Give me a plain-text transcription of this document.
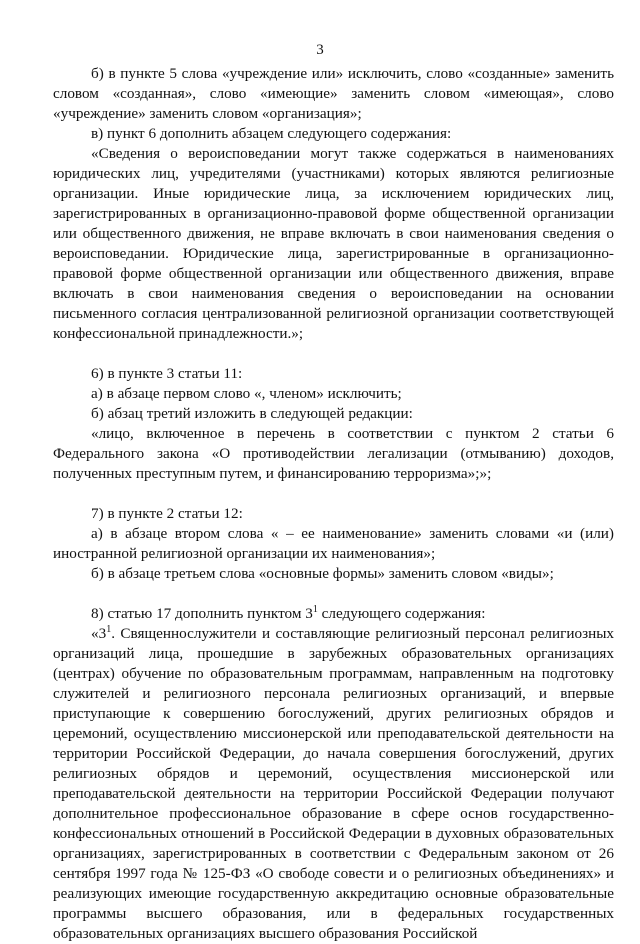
3

б) в пункте 5 слова «учреждение или» исключить, слово «созданные» заменить словом «созданная», слово «имеющие» заменить словом «имеющая», слово «учреждение» заменить словом «организация»;

в) пункт 6 дополнить абзацем следующего содержания:

«Сведения о вероисповедании могут также содержаться в наименованиях юридических лиц, учредителями (участниками) которых являются религиозные организации. Иные юридические лица, за исключением юридических лиц, зарегистрированных в организационно-правовой форме общественной организации или общественного движения, не вправе включать в свои наименования сведения о вероисповедании. Юридические лица, зарегистрированные в организационно-правовой форме общественной организации или общественного движения, вправе включать в свои наименования сведения о вероисповедании на основании письменного согласия централизованной религиозной организации соответствующей конфессиональной принадлежности.»;

6) в пункте 3 статьи 11:

а) в абзаце первом слово «, членом» исключить;

б) абзац третий изложить в следующей редакции:

«лицо, включенное в перечень в соответствии с пунктом 2 статьи 6 Федерального закона «О противодействии легализации (отмыванию) доходов, полученных преступным путем, и финансированию терроризма»;»;

7) в пункте 2 статьи 12:

а) в абзаце втором слова « – ее наименование» заменить словами «и (или) иностранной религиозной организации их наименования»;

б) в абзаце третьем слова «основные формы» заменить словом «виды»;

8) статью 17 дополнить пунктом $3^1$ следующего содержания:

«$3^1$. Священнослужители и составляющие религиозный персонал религиозных организаций лица, прошедшие в зарубежных образовательных организациях (центрах) обучение по образовательным программам, направленным на подготовку служителей и религиозного персонала религиозных организаций, и впервые приступающие к совершению богослужений, других религиозных обрядов и церемоний, осуществлению миссионерской или преподавательской деятельности на территории Российской Федерации, до начала совершения богослужений, других религиозных обрядов и церемоний, осуществления миссионерской или преподавательской деятельности на территории Российской Федерации получают дополнительное профессиональное образование в сфере основ государственно-конфессиональных отношений в Российской Федерации в духовных образовательных организациях, зарегистрированных в соответствии с Федеральным законом от 26 сентября 1997 года № 125-ФЗ «О свободе совести и о религиозных объединениях» и реализующих имеющие государственную аккредитацию основные образовательные программы высшего образования, или в федеральных государственных образовательных организациях высшего образования Российской
